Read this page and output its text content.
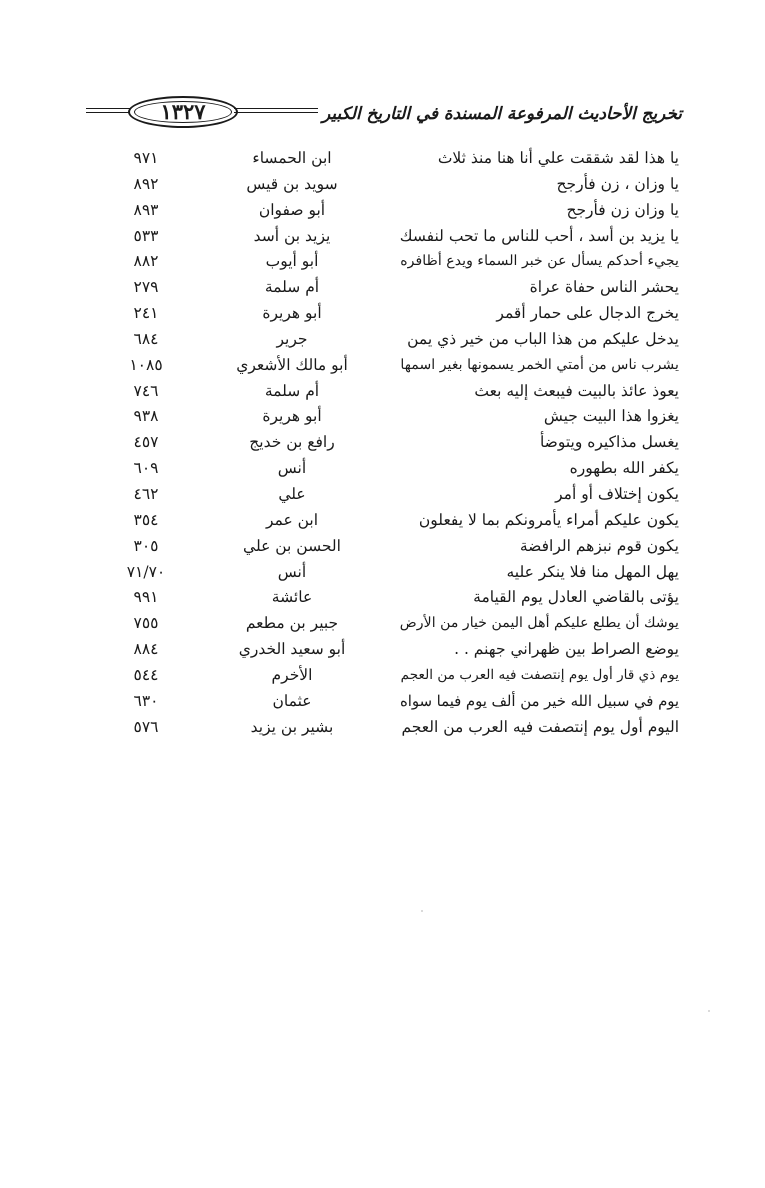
١٣٢٧	تخريج الأحاديث المرفوعة المسندة في التاريخ الكبير
يا هذا لقد شققت علي أنا هنا منذ ثلاث
ابن الحمساء
٩٧١
يا وزان ، زن فأرجح
سويد بن قيس
٨٩٢
يا وزان زن فأرجح
أبو صفوان
٨٩٣
يا يزيد بن أسد ، أحب للناس ما تحب لنفسك
يزيد بن أسد
٥٣٣
يجيء أحدكم يسأل عن خبر السماء ويدع أظافره
أبو أيوب
٨٨٢
يحشر الناس حفاة عراة
أم سلمة
٢٧٩
يخرج الدجال على حمار أقمر
أبو هريرة
٢٤١
يدخل عليكم من هذا الباب من خير ذي يمن
جرير
٦٨٤
يشرب ناس من أمتي الخمر يسمونها بغير اسمها
أبو مالك الأشعري
١٠٨٥
يعوذ عائذ بالبيت فيبعث إليه بعث
أم سلمة
٧٤٦
يغزوا هذا البيت جيش
أبو هريرة
٩٣٨
يغسل مذاكيره ويتوضأ
رافع بن خديج
٤٥٧
يكفر الله بطهوره
أنس
٦٠٩
يكون إختلاف أو أمر
علي
٤٦٢
يكون عليكم أمراء يأمرونكم بما لا يفعلون
ابن عمر
٣٥٤
يكون قوم نبزهم الرافضة
الحسن بن علي
٣٠٥
يهل المهل منا فلا ينكر عليه
أنس
٧١/٧٠
يؤتى بالقاضي العادل يوم القيامة
عائشة
٩٩١
يوشك أن يطلع عليكم أهل اليمن خيار من الأرض
جبير بن مطعم
٧٥٥
يوضع الصراط بين ظهراني جهنم . .
أبو سعيد الخدري
٨٨٤
يوم ذي قار أول يوم إنتصفت فيه العرب من العجم
الأخرم
٥٤٤
يوم في سبيل الله خير من ألف يوم فيما سواه
عثمان
٦٣٠
اليوم أول يوم إنتصفت فيه العرب من العجم
بشير بن يزيد
٥٧٦
